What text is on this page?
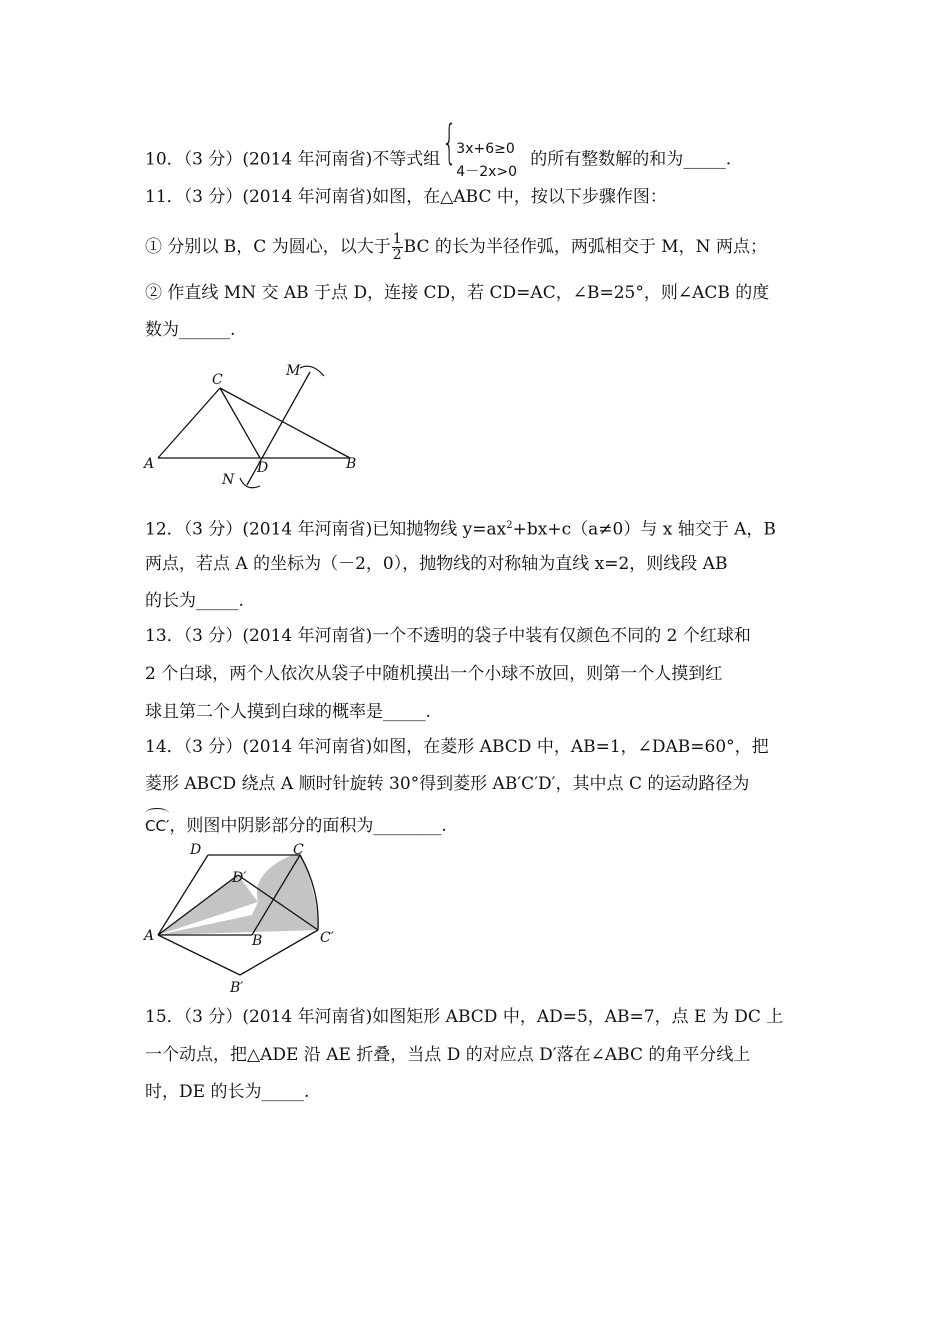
10．（3 分）(2014 年河南省)不等式组 { 3x+6≥0
4－2x>0
的所有整数解的和为_____.
11．（3 分）(2014 年河南省)如图，在△ABC 中，按以下步骤作图：
① 分别以 B，C 为圆心，以大于 $\frac{1}{2}$ BC 的长为半径作弧，两弧相交于 M，N 两点；
② 作直线 MN 交 AB 于点 D，连接 CD，若 CD=AC，∠B=25°，则∠ACB 的度
数为______.
C
M
A	D	B
N
12．（3 分）(2014 年河南省)已知抛物线 $y=ax^2+bx+c(a\ne 0)$与 x 轴交于 A，B
两点，若点 A 的坐标为（－2，0），抛物线的对称轴为直线 x=2，则线段 AB
的长为_____.
13．（3 分）(2014 年河南省)一个不透明的袋子中装有仅颜色不同的 2 个红球和
2 个白球，两个人依次从袋子中随机摸出一个小球不放回，则第一个人摸到红
球且第二个人摸到白球的概率是_____.
14．（3 分）(2014 年河南省)如图，在菱形 ABCD 中，AB=1，∠DAB=60°，把
菱形 ABCD 绕点 A 顺时针旋转 30°得到菱形 AB′C′D′，其中点 C 的运动路径为
CC′，则图中阴影部分的面积为________.
D	C
D′
A	B	C′
B′
15．（3 分）(2014 年河南省)如图矩形 ABCD 中，AD=5，AB=7，点 E 为 DC 上
一个动点，把△ADE 沿 AE 折叠，当点 D 的对应点 D′落在∠ABC 的角平分线上
时，DE 的长为_____.
